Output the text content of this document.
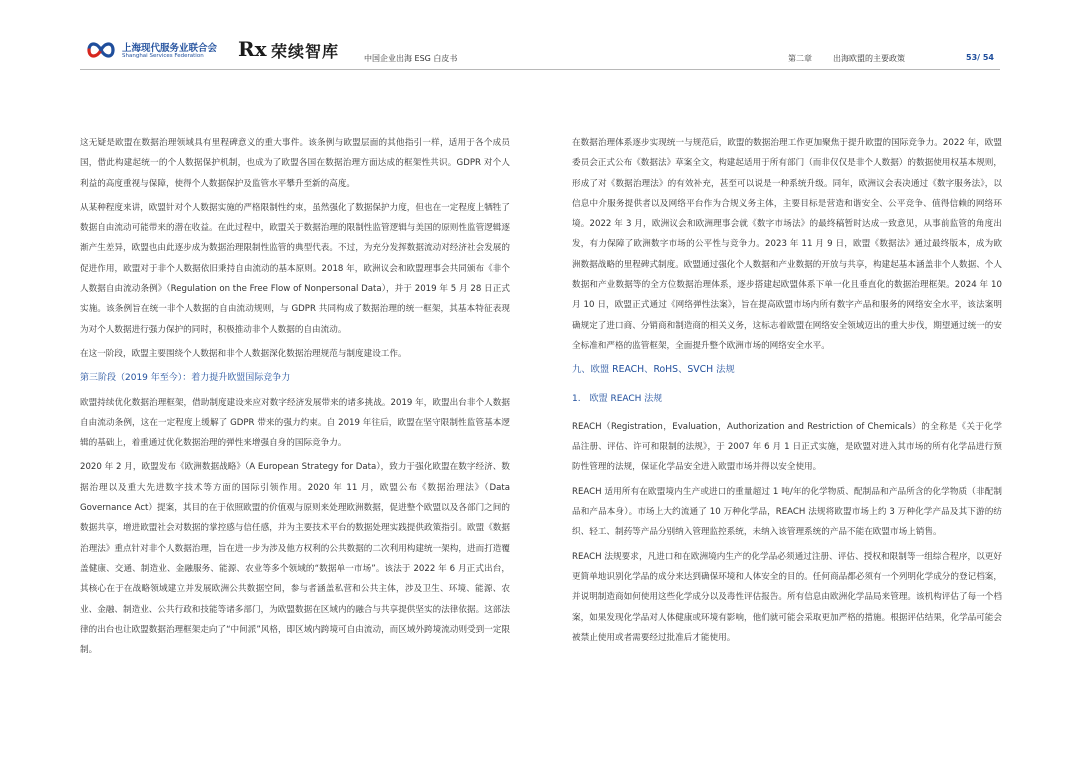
上海现代服务业联合会
Shanghai Services Federation Rx 荣续智库	中国企业出海 ESG 白皮书	第二章	出海欧盟的主要政策	53/ 54

这无疑是欧盟在数据治理领域具有里程碑意义的重大事件。该条例与欧盟层面的其他指引一样，适用于各个成员国，借此构建起统一的个人数据保护机制，也成为了欧盟各国在数据治理方面达成的框架性共识。GDPR 对个人利益的高度重视与保障，使得个人数据保护及监管水平攀升至新的高度。

从某种程度来讲，欧盟针对个人数据实施的严格限制性约束，虽然强化了数据保护力度，但也在一定程度上牺牲了数据自由流动可能带来的潜在收益。在此过程中，欧盟关于数据治理的限制性监管逻辑与美国的原则性监管逻辑逐渐产生差异，欧盟也由此逐步成为数据治理限制性监管的典型代表。不过，为充分发挥数据流动对经济社会发展的促进作用，欧盟对于非个人数据依旧秉持自由流动的基本原则。2018 年，欧洲议会和欧盟理事会共同颁布《非个人数据自由流动条例》（Regulation on the Free Flow of Nonpersonal Data），并于 2019 年 5 月 28 日正式实施。该条例旨在统一非个人数据的自由流动规则，与 GDPR 共同构成了数据治理的统一框架，其基本特征表现为对个人数据进行强力保护的同时，积极推动非个人数据的自由流动。

在这一阶段，欧盟主要围绕个人数据和非个人数据深化数据治理规范与制度建设工作。

第三阶段（2019 年至今）：着力提升欧盟国际竞争力

欧盟持续优化数据治理框架，借助制度建设来应对数字经济发展带来的诸多挑战。2019 年，欧盟出台非个人数据自由流动条例，这在一定程度上缓解了 GDPR 带来的强力约束。自 2019 年往后，欧盟在坚守限制性监管基本逻辑的基础上，着重通过优化数据治理的弹性来增强自身的国际竞争力。

2020 年 2 月，欧盟发布《欧洲数据战略》（A European Strategy for Data），致力于强化欧盟在数字经济、数据治理以及重大先进数字技术等方面的国际引领作用。2020 年 11 月，欧盟公布《数据治理法》（Data Governance Act）提案，其目的在于依照欧盟的价值观与原则来处理欧洲数据，促进整个欧盟以及各部门之间的数据共享，增进欧盟社会对数据的掌控感与信任感，并为主要技术平台的数据处理实践提供政策指引。欧盟《数据治理法》重点针对非个人数据治理，旨在进一步为涉及他方权利的公共数据的二次利用构建统一架构，进而打造覆盖健康、交通、制造业、金融服务、能源、农业等多个领域的“数据单一市场”。该法于 2022 年 6 月正式出台，其核心在于在战略领域建立并发展欧洲公共数据空间，参与者涵盖私营和公共主体，涉及卫生、环境、能源、农业、金融、制造业、公共行政和技能等诸多部门，为欧盟数据在区域内的融合与共享提供坚实的法律依据。这部法律的出台也让欧盟数据治理框架走向了“中间派”风格，即区域内跨境可自由流动，而区域外跨境流动则受到一定限制。

在数据治理体系逐步实现统一与规范后，欧盟的数据治理工作更加聚焦于提升欧盟的国际竞争力。2022 年，欧盟委员会正式公布《数据法》草案全文，构建起适用于所有部门（而非仅仅是非个人数据）的数据使用权基本规则，形成了对《数据治理法》的有效补充，甚至可以说是一种系统升级。同年，欧洲议会表决通过《数字服务法》，以信息中介服务提供者以及网络平台作为合规义务主体，主要目标是营造和谐安全、公平竞争、值得信赖的网络环境。2022 年 3 月，欧洲议会和欧洲理事会就《数字市场法》的最终稿暂时达成一致意见，从事前监管的角度出发，有力保障了欧洲数字市场的公平性与竞争力。2023 年 11 月 9 日，欧盟《数据法》通过最终版本，成为欧洲数据战略的里程碑式制度。欧盟通过强化个人数据和产业数据的开放与共享，构建起基本涵盖非个人数据、个人数据和产业数据等的全方位数据治理体系，逐步搭建起欧盟体系下单一化且垂直化的数据治理框架。2024 年 10 月 10 日，欧盟正式通过《网络弹性法案》，旨在提高欧盟市场内所有数字产品和服务的网络安全水平，该法案明确规定了进口商、分销商和制造商的相关义务，这标志着欧盟在网络安全领域迈出的重大步伐，期望通过统一的安全标准和严格的监管框架，全面提升整个欧洲市场的网络安全水平。

九、欧盟 REACH、RoHS、SVCH 法规
1.　欧盟 REACH 法规

REACH（Registration，Evaluation，Authorization and Restriction of Chemicals）的全称是《关于化学品注册、评估、许可和限制的法规》，于 2007 年 6 月 1 日正式实施，是欧盟对进入其市场的所有化学品进行预防性管理的法规，保证化学品安全进入欧盟市场并得以安全使用。

REACH 适用所有在欧盟境内生产或进口的重量超过 1 吨/年的化学物质、配制品和产品所含的化学物质（非配制品和产品本身）。市场上大约流通了 10 万种化学品，REACH 法规将欧盟市场上约 3 万种化学产品及其下游的纺织、轻工、制药等产品分别纳入管理监控系统，未纳入该管理系统的产品不能在欧盟市场上销售。

REACH 法规要求，凡进口和在欧洲境内生产的化学品必须通过注册、评估、授权和限制等一组综合程序，以更好更简单地识别化学品的成分来达到确保环境和人体安全的目的。任何商品都必须有一个列明化学成分的登记档案，并说明制造商如何使用这些化学成分以及毒性评估报告。所有信息由欧洲化学品局来管理。该机构评估了每一个档案，如果发现化学品对人体健康或环境有影响，他们就可能会采取更加严格的措施。根据评估结果，化学品可能会被禁止使用或者需要经过批准后才能使用。
